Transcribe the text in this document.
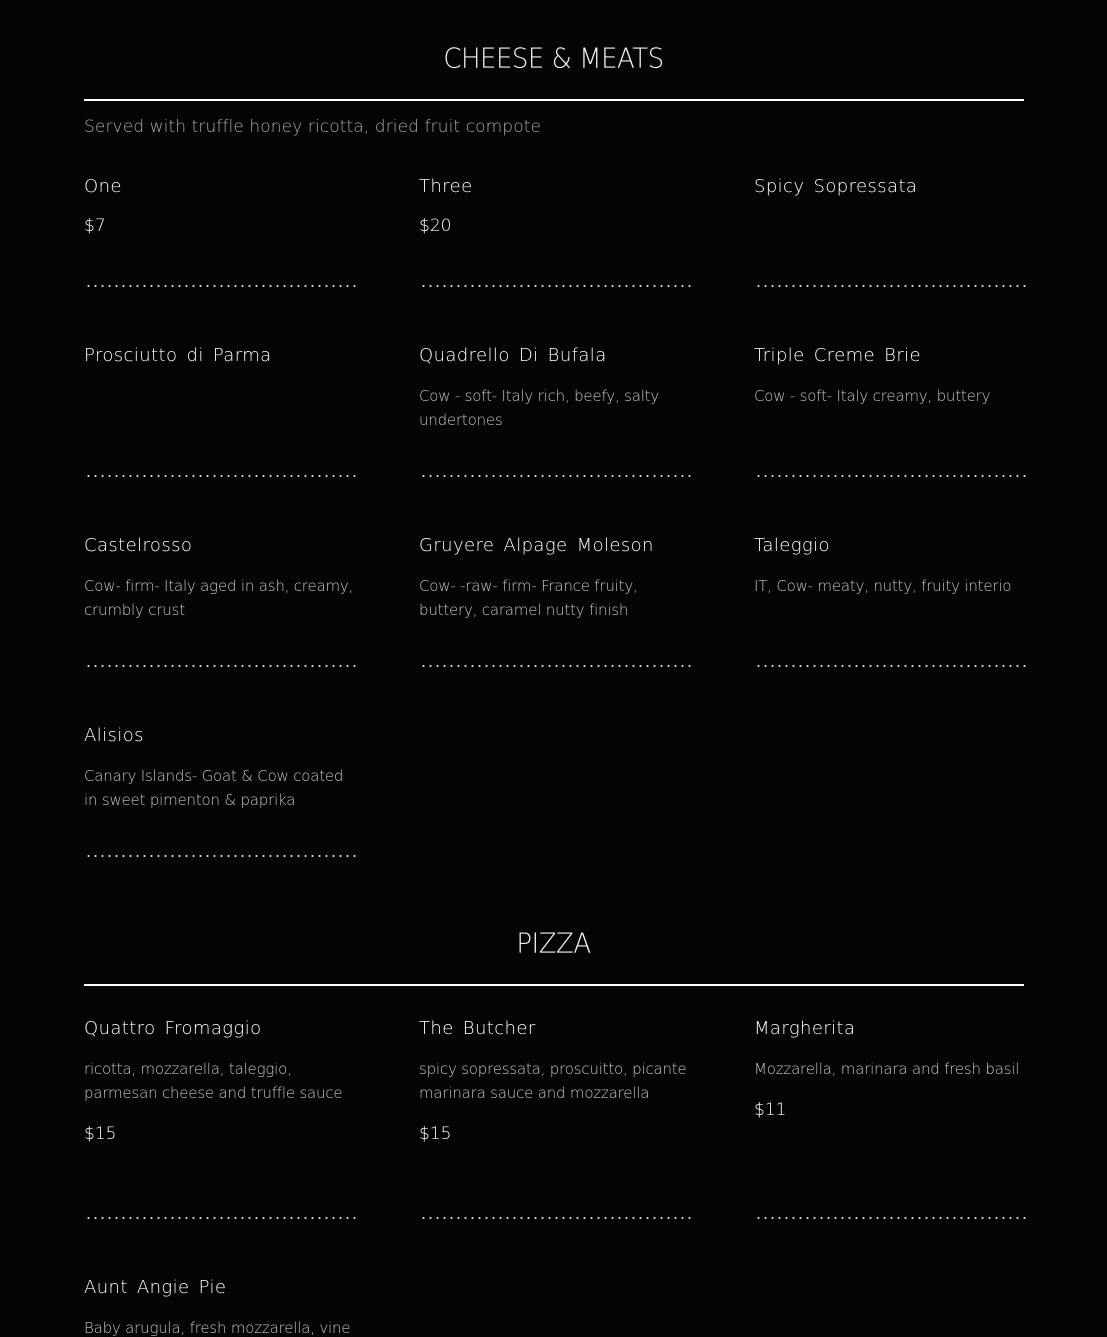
CHEESE & MEATS

Served with truffle honey ricotta, dried fruit compote

One

$7

Three

$20

Spicy Sopressata

Prosciutto di Parma	Quadrello Di Bufala

Cow - soft- Italy rich, beefy, salty undertones

Triple Creme Brie

Cow - soft- Italy creamy, buttery

Castelrosso

Cow- firm- Italy aged in ash, creamy, crumbly crust

Gruyere Alpage Moleson

Cow- -raw- firm- France fruity, buttery, caramel nutty finish

Taleggio

IT, Cow- meaty, nutty, fruity interio

Alisios

Canary Islands- Goat & Cow coated in sweet pimenton & paprika

PIZZA

Quattro Fromaggio

ricotta, mozzarella, taleggio, parmesan cheese and truffle sauce

$15

The Butcher

spicy sopressata, proscuitto, picante marinara sauce and mozzarella

$15

Margherita

Mozzarella, marinara and fresh basil

$11

Aunt Angie Pie

Baby arugula, fresh mozzarella, vine
